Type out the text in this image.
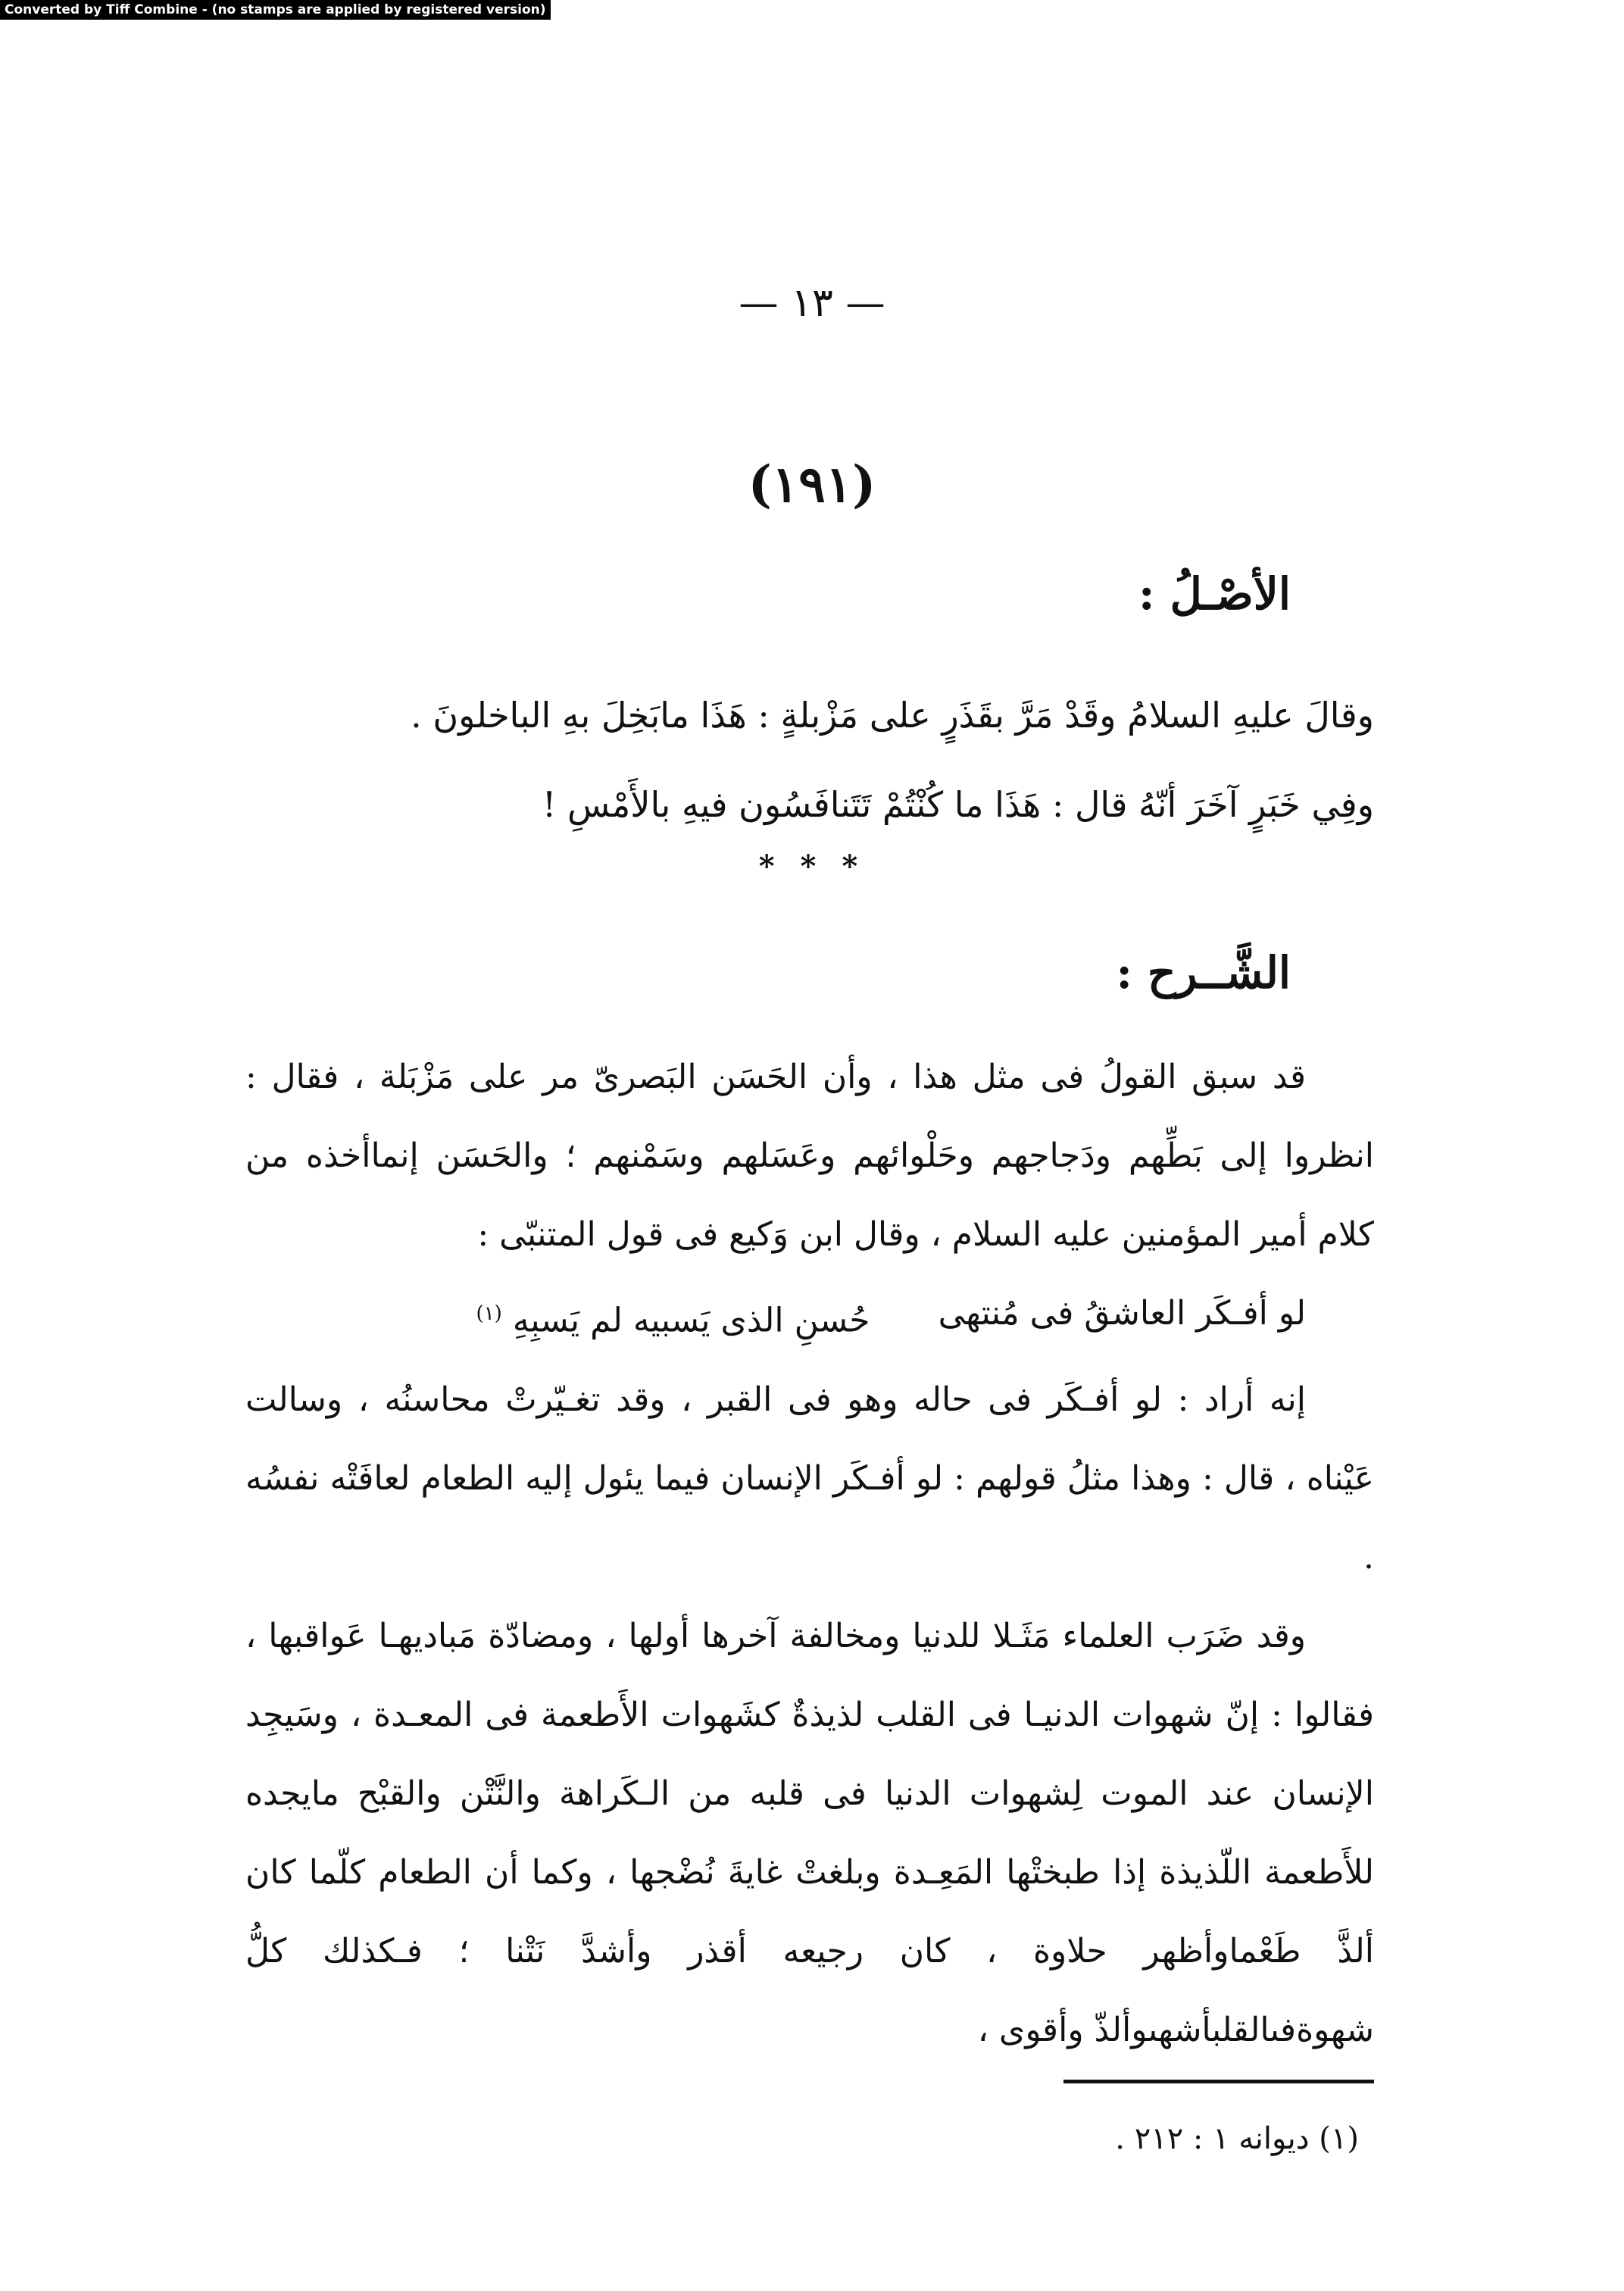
Converted by Tiff Combine - (no stamps are applied by registered version)
— ١٣ —
(١٩١)
الأصْـلُ :
وقالَ عليهِ السلامُ وقَدْ مَرَّ بقَذَرٍ على مَزْبلةٍ : هَذَا مابَخِلَ بهِ الباخلونَ .
وفِي خَبَرٍ آخَرَ أنّهُ قال : هَذَا ما كُنْتُمْ تَتَنافَسُون فيهِ بالأَمْسِ !
* * *
الشَّــرح :

قد سبق القولُ فى مثل هذا ، وأن الحَسَن البَصرىّ مر على مَزْبَلة ، فقال : انظروا إلى بَطِّهم ودَجاجهم وحَلْوائهم وعَسَلهم وسَمْنهم ؛ والحَسَن إنماأخذه من كلام أمير المؤمنين عليه السلام ، وقال ابن وَكيع فى قول المتنبّى :

لو أفـكَر العاشقُ فى مُنتهى
حُسنِ الذى يَسبيه لم يَسبِهِ $^{(١)}$

إنه أراد : لو أفـكَر فى حاله وهو فى القبر ، وقد تغـيّرتْ محاسنُه ، وسالت عَيْناه ، قال : وهذا مثلُ قولهم : لو أفـكَر الإنسان فيما يئول إليه الطعام لعافَتْه نفسُه .

وقد ضَرَب العلماء مَثَـلا للدنيا ومخالفة آخرها أولها ، ومضادّة مَباديهـا عَواقبها ، فقالوا : إنّ شهوات الدنيـا فى القلب لذيذةٌ كشَهوات الأَطعمة فى المعـدة ، وسَيجِد الإنسان عند الموت لِشهوات الدنيا فى قلبه من الـكَراهة والنَّتْن والقبْح مايجده للأَطعمة اللّذيذة إذا طبختْها المَعِـدة وبلغتْ غايةَ نُضْجها ، وكما أن الطعام كلّما كان ألذَّ طَعْماوأظهر حلاوة ، كان رجيعه أقذر وأشدَّ نَتْنا ؛ فـكذلك كلُّ شهوةفىالقلبأشهىوألذّ وأقوى ،

(١) ديوانه ١ : ٢١٢ .
